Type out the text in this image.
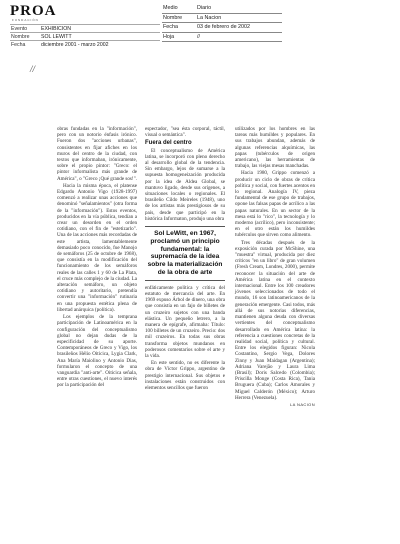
PROA
FUNDACIÓN
Evento	EXHIBICION
Nombre	SOL LEWITT
Fecha	diciembre 2001 - marzo 2002
Medio	Diario
Nombre	La Nacion
Fecha	03 de febrero de 2002
Hoja	//
//

obras fundadas en la "información", pero con un notorio énfasis irónico. Fueron dos "acciones urbanas", consistentes en fijar afiches en los muros del centro de la ciudad, con textos que informaban, irónicamente, sobre el propio pintor: "Greco: el pintor informalista más grande de América", o "Greco ¡Qué grande sos!".

Hacia la misma época, el platense Edgardo Antonio Vigo (1928-1997) comenzó a realizar unas acciones que denominó "señalamientos" (otra forma de la "información"). Estos eventos, producidos en la vía pública, tendían a crear un desorden en el orden cotidiano, con el fin de "estetizarlo". Una de las acciones más recordadas de este artista, lamentablemente demasiado poco conocido, fue Manojo de semáforos (25 de octubre de 1968), que consistía en la modificación del funcionamiento de los semáforos reales de las calles 1 y 60 de La Plata, el cruce más complejo de la ciudad. La alteración semáforo, un objeto cotidiano y autoritario, pretendía convertir una "información" rutinaria en una propuesta estética plena de libertad anárquica (política).

Los ejemplos de la temprana participación de Latinoamérica en la configuración del conceptualismo global no dejan dudas de la especificidad de su aporte. Contemporáneos de Greco y Vigo, los brasileños Hélio Oiticica, Lygia Clark, Ana María Maiolino y Antonio Dias, formularon el concepto de una vanguardia "anti-arte". Oiticica señala, entre otras cuestiones, el nuevo interés por la participación del

espectador, "sea ésta corporal, táctil, visual o semántica".

Fuera del centro

El conceptualismo de América latina, se incorporó con pleno derecho al desarrollo global de la tendencia. Sin embargo, lejos de sumarse a la supuesta homogeneización producida por la idea de Aldea Global, se mantuvo ligado, desde sus orígenes, a situaciones locales o regionales. El brasileño Cildo Meireles (1948), uno de los artistas más prestigiosos de su país, desde que participó en la histórica Informaton, produjo una obra

Sol LeWitt, en 1967, proclamó un principio fundamental: la supremacía de la idea sobre la materialización de la obra de arte

enfáticamente política y crítica del estatuto de mercancía del arte. En 1969 expuso Árbol de dinero, una obra que consistía en un fajo de billetes de un cruzeiro sujetos con una banda elástica. Un pequeño letrero, a la manera de epígrafe, afirmaba: Título: 100 billetes de un cruzeiro. Precio: dos mil cruzeiros. En todas sus obras transforma objetos mundanos en poderosos comentarios sobre el arte y la vida.

En este sentido, no es diferente la obra de Víctor Grippo, argentino de prestigio internacional. Sus objetos e instalaciones están construidos con elementos sencillos que fueron

utilizados por los hombres en las tareas más humildes y populares. En sus trabajos abundan, además de algunas referencias alquímicas, las papas (tubérculos de origen americano), las herramientas de trabajo, las viejas mesas manchadas.

Hacia 1980, Grippo comenzó a producir un ciclo de obras de crítica política y social, con fuertes acentos en lo regional. Analogía IV, pieza fundamental de ese grupo de trabajos, opone las falsas papas de acrílico a las papas naturales. En un sector de la mesa está lo "rico", la tecnología y lo moderno (acrílico), pero inconsistente; en el otro están los humildes tubérculos que sirven como alimento.

Tres décadas después de la exposición curada por McShine, una "muestra" virtual, producida por diez críticos "en un libro" de gran volumen (Fresh Cream, Londres, 2000), permite reconocer la situación del arte de América latina en el contexto internacional. Entre los 100 creadores jóvenes seleccionados de todo el mundo, 16 son latinoamericanos de la generación emergente. Casi todos, más allá de sus notorias diferencias, mantienen alguna deuda con diversas vertientes del conceptualismo desarrollado en América latina: la referencia a cuestiones concretas de la realidad social, política y cultural. Entre los elegidos figuran: Nicola Costantino, Sergio Vega, Dolores Zinny y Juan Maidagan (Argentina); Adriana Varejão y Laura Lima (Brasil); Doris Salcedo (Colombia); Priscilla Monge (Costa Rica), Tania Bruguera (Cuba); Carlos Amorales y Miguel Calderón (México); Arturo Herrera (Venezuela).

LA NACION
